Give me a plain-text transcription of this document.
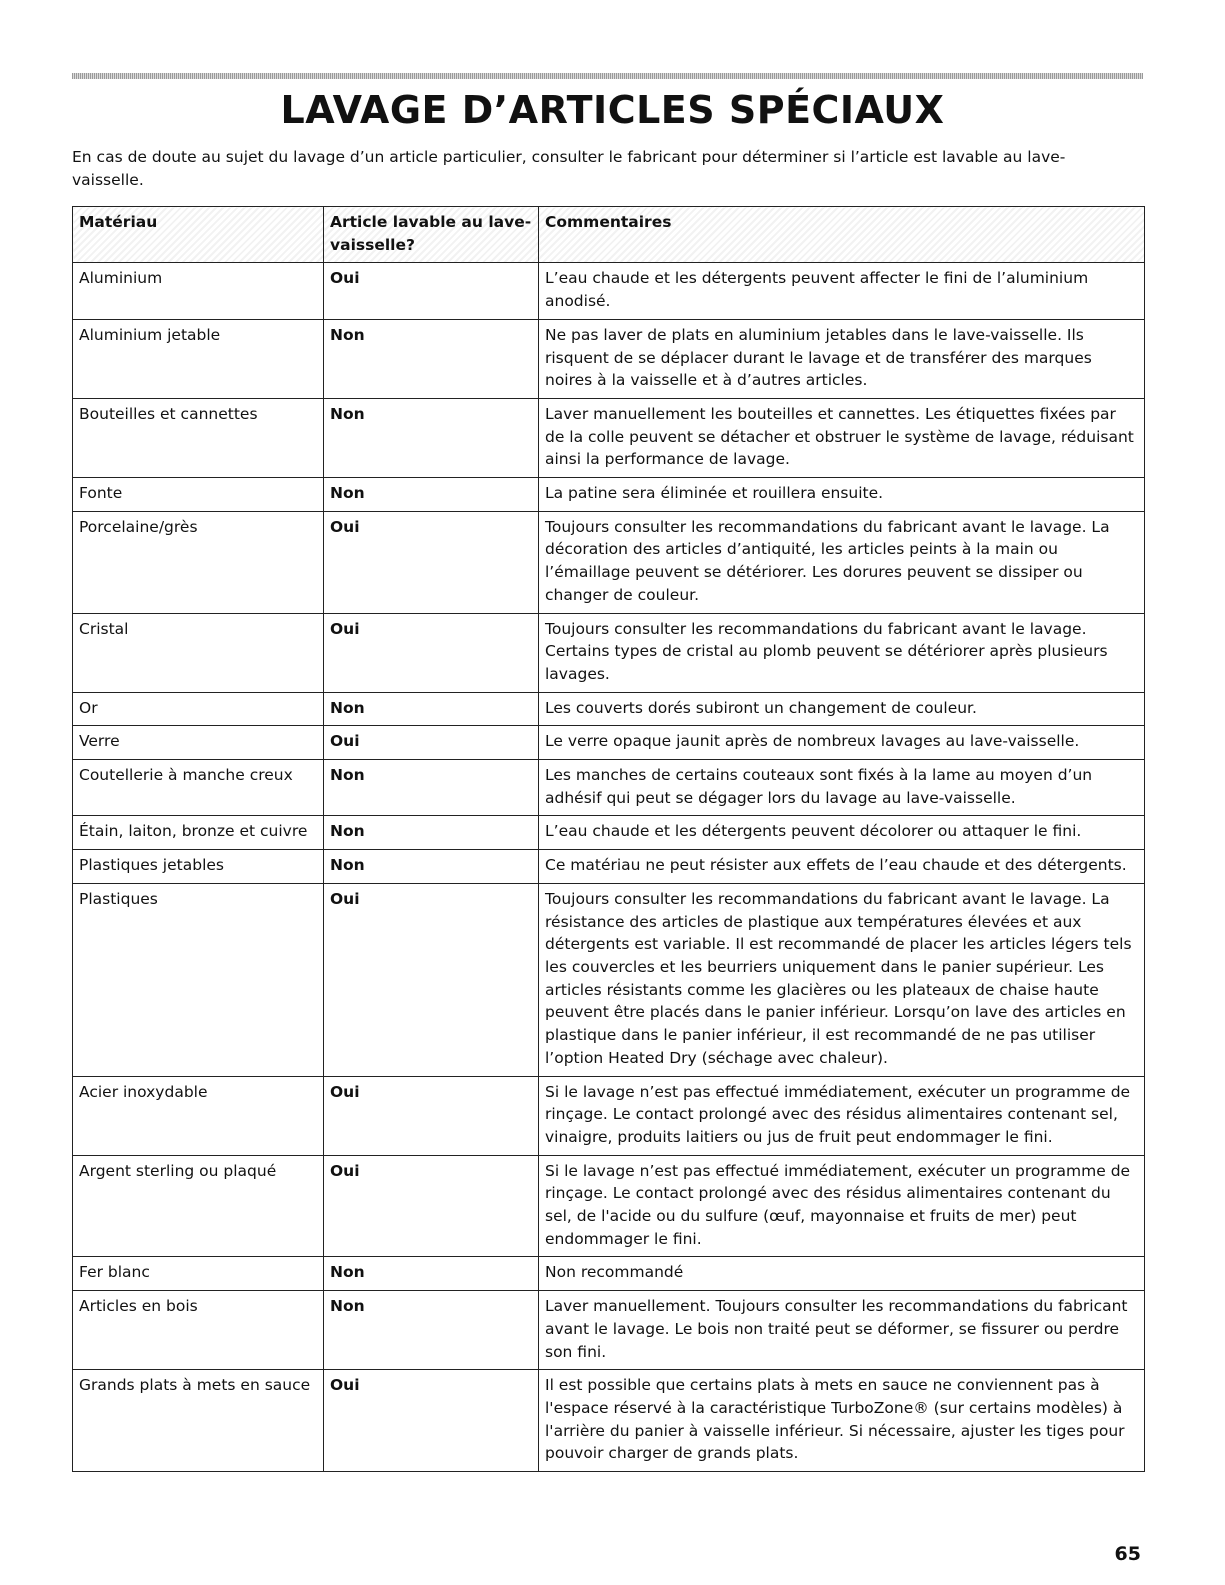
LAVAGE D’ARTICLES SPÉCIAUX

En cas de doute au sujet du lavage d’un article particulier, consulter le fabricant pour déterminer si l’article est lavable au lave-vaisselle.

Matériau	Article lavable au lave-vaisselle?	Commentaires
Aluminium	Oui	L’eau chaude et les détergents peuvent affecter le fini de l’aluminium anodisé.
Aluminium jetable	Non	Ne pas laver de plats en aluminium jetables dans le lave-vaisselle. Ils risquent de se déplacer durant le lavage et de transférer des marques noires à la vaisselle et à d’autres articles.
Bouteilles et cannettes	Non	Laver manuellement les bouteilles et cannettes. Les étiquettes fixées par de la colle peuvent se détacher et obstruer le système de lavage, réduisant ainsi la performance de lavage.
Fonte	Non	La patine sera éliminée et rouillera ensuite.
Porcelaine/grès	Oui	Toujours consulter les recommandations du fabricant avant le lavage. La décoration des articles d’antiquité, les articles peints à la main ou l’émaillage peuvent se détériorer. Les dorures peuvent se dissiper ou changer de couleur.
Cristal	Oui	Toujours consulter les recommandations du fabricant avant le lavage. Certains types de cristal au plomb peuvent se détériorer après plusieurs lavages.
Or	Non	Les couverts dorés subiront un changement de couleur.
Verre	Oui	Le verre opaque jaunit après de nombreux lavages au lave-vaisselle.
Coutellerie à manche creux	Non	Les manches de certains couteaux sont fixés à la lame au moyen d’un adhésif qui peut se dégager lors du lavage au lave-vaisselle.
Étain, laiton, bronze et cuivre	Non	L’eau chaude et les détergents peuvent décolorer ou attaquer le fini.
Plastiques jetables	Non	Ce matériau ne peut résister aux effets de l’eau chaude et des détergents.
Plastiques	Oui	Toujours consulter les recommandations du fabricant avant le lavage. La résistance des articles de plastique aux températures élevées et aux détergents est variable. Il est recommandé de placer les articles légers tels les couvercles et les beurriers uniquement dans le panier supérieur. Les articles résistants comme les glacières ou les plateaux de chaise haute peuvent être placés dans le panier inférieur. Lorsqu’on lave des articles en plastique dans le panier inférieur, il est recommandé de ne pas utiliser l’option Heated Dry (séchage avec chaleur).
Acier inoxydable	Oui	Si le lavage n’est pas effectué immédiatement, exécuter un programme de rinçage. Le contact prolongé avec des résidus alimentaires contenant sel, vinaigre, produits laitiers ou jus de fruit peut endommager le fini.
Argent sterling ou plaqué	Oui	Si le lavage n’est pas effectué immédiatement, exécuter un programme de rinçage. Le contact prolongé avec des résidus alimentaires contenant du sel, de l'acide ou du sulfure (œuf, mayonnaise et fruits de mer) peut endommager le fini.
Fer blanc	Non	Non recommandé
Articles en bois	Non	Laver manuellement. Toujours consulter les recommandations du fabricant avant le lavage. Le bois non traité peut se déformer, se fissurer ou perdre son fini.
Grands plats à mets en sauce	Oui	Il est possible que certains plats à mets en sauce ne conviennent pas à l'espace réservé à la caractéristique TurboZone® (sur certains modèles) à l'arrière du panier à vaisselle inférieur. Si nécessaire, ajuster les tiges pour pouvoir charger de grands plats.
65
